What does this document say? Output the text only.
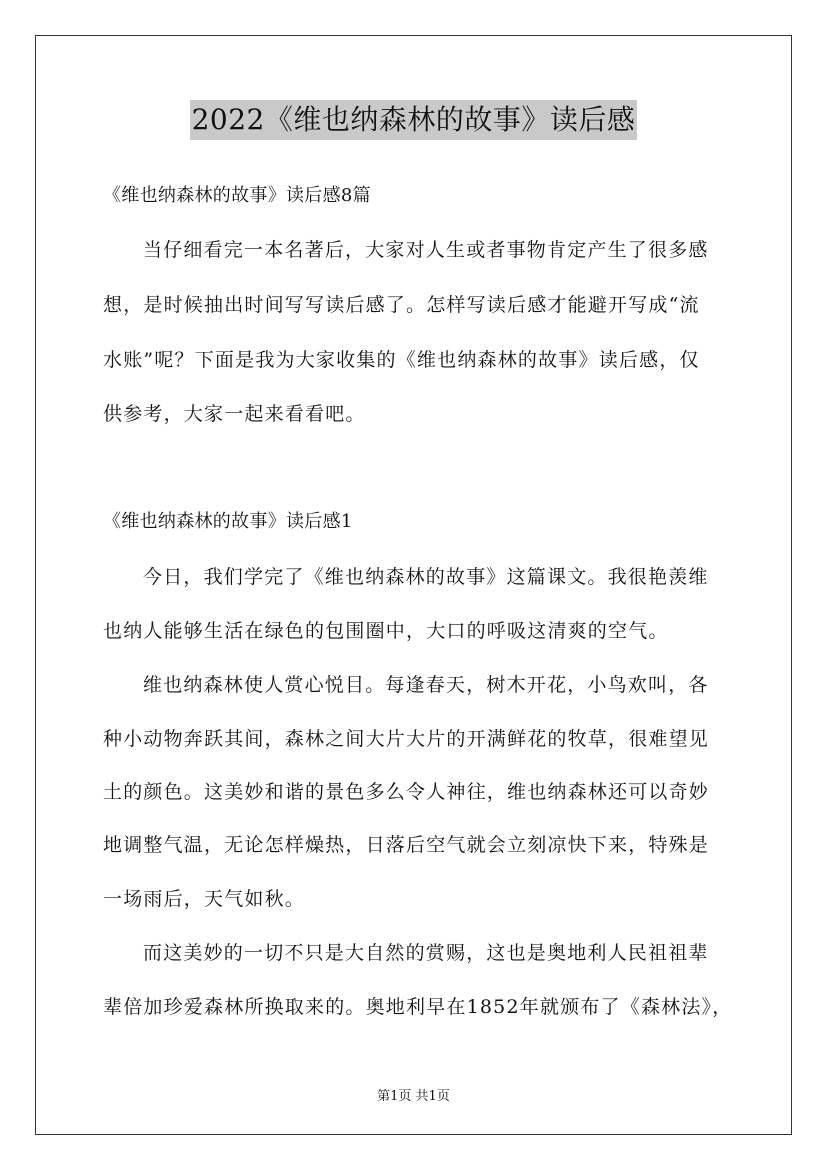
2022《维也纳森林的故事》读后感
《维也纳森林的故事》读后感8篇
当仔细看完一本名著后，大家对人生或者事物肯定产生了很多感
想，是时候抽出时间写写读后感了。怎样写读后感才能避开写成“流
水账”呢？下面是我为大家收集的《维也纳森林的故事》读后感，仅
供参考，大家一起来看看吧。
《维也纳森林的故事》读后感1
今日，我们学完了《维也纳森林的故事》这篇课文。我很艳羡维
也纳人能够生活在绿色的包围圈中，大口的呼吸这清爽的空气。
维也纳森林使人赏心悦目。每逢春天，树木开花，小鸟欢叫，各
种小动物奔跃其间，森林之间大片大片的开满鲜花的牧草，很难望见
土的颜色。这美妙和谐的景色多么令人神往，维也纳森林还可以奇妙
地调整气温，无论怎样燥热，日落后空气就会立刻凉快下来，特殊是
一场雨后，天气如秋。
而这美妙的一切不只是大自然的赏赐，这也是奥地利人民祖祖辈
辈倍加珍爱森林所换取来的。奥地利早在1852年就颁布了《森林法》，
第1页 共1页
